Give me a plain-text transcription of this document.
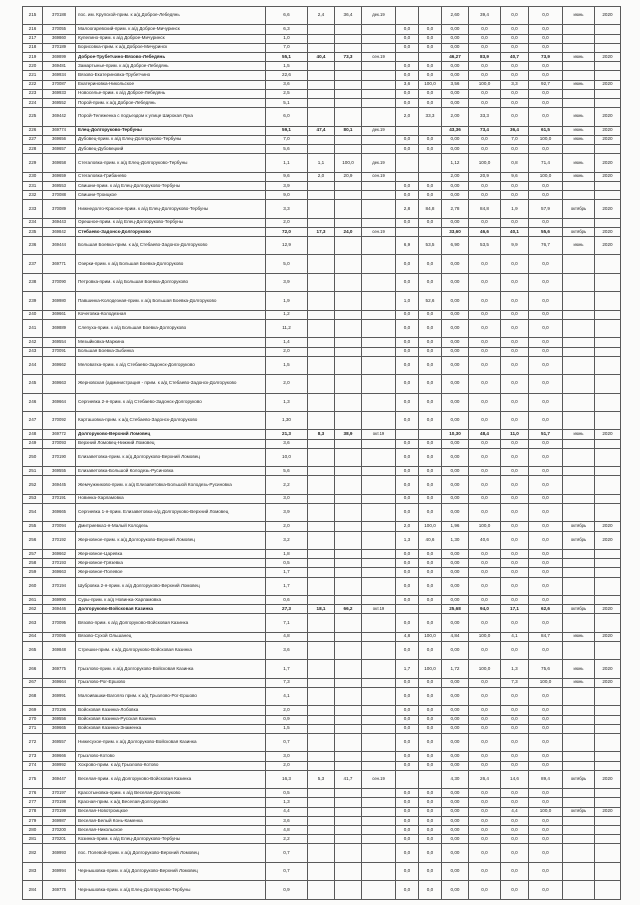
215	370188	пос. им. Крупской-прим. к а/д Доброе-Лебедянь	6,6	2,4	36,4	дек.19			2,60	39,4	0,0	0,0	июнь	2020
216	370055	Малоогаревский-прим. к а/д Доброе-Мичуринск	6,3				0,0	0,0	0,00	0,0	0,0	0,0		
217	369860	Купелино-прим. к а/д Доброе-Мичуринск	1,0				0,0	0,0	0,00	0,0	0,0	0,0		
218	370189	Борисовка-прим. к а/д Доброе-Мичуринск	7,0				0,0	0,0	0,00	0,0	0,0	0,0		
219	369899	Доброе-Трубетчино-Вязово-Лебедянь	55,1	40,4	73,3	сен.19			46,27	83,9	40,7	73,9	июнь	2020
220	369481	Замартынье-прим. к а/д Доброе-Лебедянь	1,5				0,0	0,0	0,00	0,0	0,0	0,0		
221	369934	Вязово-Екатериновка-Трубетчино	22,6				0,0	0,0	0,00	0,0	0,0	0,0		
222	370087	Екатериновка-Никольское	3,6				3,6	100,0	3,56	100,0	3,3	92,7	июнь	2020
223	369933	Новоселье-прим. к а/д Доброе-Лебедянь	2,5				0,0	0,0	0,00	0,0	0,0	0,0		
224	369552	Порой-прим. к а/д Доброе-Лебедянь	5,1				0,0	0,0	0,00	0,0	0,0	0,0		
225	369442	Порой-Тележенка с подъездом к улице Широкая Лука	6,0				2,0	33,3	2,00	33,3	0,0	0,0	июнь	2020
226	369774	Елец-Долгоруково-Тербуны	59,1	47,4	80,1	дек.19			43,36	73,4	36,4	61,5	июнь	2020
227	369656	Дубовец-прим. к а/д Елец-Долгоруково-Тербуны	7,0				0,0	0,0	0,00	0,0	7,0	100,0	июнь	2020
228	369657	Дубовец-Дубовецкий	5,6				0,0	0,0	0,00	0,0	0,0	0,0		
229	369658	Стегаловка-прим. к а/д Елец-Долгоруково-Тербуны	1,1	1,1	100,0	дек.19			1,12	100,0	0,8	71,4	июнь	2020
230	369659	Стегаловка-Грибанево	9,6	2,0	20,9	сен.19			2,00	20,9	9,6	100,0	июнь	2020
231	369553	Свишни-прим. к а/д Елец-Долгоруково-Тербуны	3,9				0,0	0,0	0,00	0,0	0,0	0,0		
232	370088	Свишни-Троицкое	9,0				0,0	0,0	0,00	0,0	0,0	0,0		
233	370089	Нижнедолго-Красное-прим. к а/д Елец-Долгоруково-Тербуны	3,3				2,8	84,8	2,78	84,8	1,9	57,9	октябрь	2020
234	369443	Орешное-прим. к а/д Елец-Долгоруково-Тербуны	2,0				0,0	0,0	0,00	0,0	0,0	0,0		
235	369842	Стебаево-Задонск-Долгоруково	72,0	17,3	24,0	сен.19			33,60	46,6	40,1	55,6	октябрь	2020
236	369444	Большая Боевка-прим. к а/д Стебаево-Задонск-Долгоруково	12,9				6,9	53,5	6,90	53,5	9,9	76,7	июнь	2020
237	369771	Озерки-прим. к а/д Большая Боевка-Долгоруково	5,0				0,0	0,0	0,00	0,0	0,0	0,0		
238	370090	Петровка-прим. к а/д Большая Боевка-Долгоруково	3,9				0,0	0,0	0,00	0,0	0,0	0,0		
239	369980	Павшинка-Колодезная-прим. к а/д Большая Боевка-Долгоруково	1,9				1,0	52,6	0,00	0,0	0,0	0,0		
240	369661	Кочеговка-Колодезная	1,2				0,0	0,0	0,00	0,0	0,0	0,0		
241	369889	Слепуха-прим. к а/д Большая Боевка-Долгоруково	11,2				0,0	0,0	0,00	0,0	0,0	0,0		
242	369554	Мезыйковка-Маркина	1,4				0,0	0,0	0,00	0,0	0,0	0,0		
243	370091	Большая Боевка-Зыбинка	2,0				0,0	0,0	0,00	0,0	0,0	0,0		
244	369662	Меловатка-прим. к а/д Стебаево-Задонск-Долгоруково	1,5				0,0	0,0	0,00	0,0	0,0	0,0		
245	369663	Жерновская (администрация - прим. к а/д Стебаево-Задонск-Долгоруково	2,0				0,0	0,0	0,00	0,0	0,0	0,0		
246	369664	Сергиевка 2-я-прим. к а/д Стебаево-Задонск-Долгоруково	1,3				0,0	0,0	0,00	0,0	0,0	0,0		
247	370092	Карташовка-прим. к а/д Стебаево-Задонск-Долгоруково	1,30				0,0	0,0	0,00	0,0	0,0	0,0		
248	369772	Долгоруково-Верхний Ломовец	21,3	8,3	38,9	окт.19			10,30	48,4	11,0	51,7	июнь	2020
249	370093	Верхний Ломовец-Нижний Ломовец	3,6				0,0	0,0	0,00	0,0	0,0	0,0		
250	370190	Елизаветовка-прим. к а/д Долгоруково-Верхний Ломовец	10,0				0,0	0,0	0,00	0,0	0,0	0,0		
251	369555	Елизаветовка-Большой Колодезь-Русиновка	5,6				0,0	0,0	0,00	0,0	0,0	0,0		
252	369445	Жемчужниково-прим. к а/д Елизаветовка-Большой Колодезь-Русиновка	2,2				0,0	0,0	0,00	0,0	0,0	0,0		
253	370191	Новинка-Харламовка	3,0				0,0	0,0	0,00	0,0	0,0	0,0		
254	369665	Сергиевка 1-я-прим. Елизаветовка-а/д Долгоруково-Верхний Ломовец	3,9				0,0	0,0	0,00	0,0	0,0	0,0		
255	370094	Дмитриевка1-я-Малый Колодезь	2,0				2,0	100,0	1,96	100,0	0,0	0,0	октябрь	2020
256	370192	Жерновное-прим. к а/д Долгоруково-Верхний Ломовец	3,2				1,3	40,6	1,30	40,6	0,0	0,0	октябрь	2020
257	369662	Жерновное-Царевка	1,8				0,0	0,0	0,00	0,0	0,0	0,0		
258	370193	Жерновное-Грязевка	0,5				0,0	0,0	0,00	0,0	0,0	0,0		
259	369663	Жерновное-Полевое	1,7				0,0	0,0	0,00	0,0	0,0	0,0		
260	370194	Шубровка 2-я-прим. к а/д Долгоруково-Верхний Ломовец	1,7				0,0	0,0	0,00	0,0	0,0	0,0		
261	369990	Суры-прим. к а/д Новинка-Харламовка	0,6				0,0	0,0	0,00	0,0	0,0	0,0		
262	369446	Долгоруково-Войсковая Казинка	27,3	18,1	66,2	окт.19			25,68	94,0	17,1	62,6	октябрь	2020
263	370095	Вязово-прим. к а/д Долгоруково-Войсковая Казинка	7,1				0,0	0,0	0,00	0,0	0,0	0,0		
264	370095	Вязово-Сухой Ольшанец	4,8				4,8	100,0	4,84	100,0	4,1	84,7	июнь	2020
265	369848	Стрешки-прим. к а/д Долгоруково-Войсковая Казинка	3,6				0,0	0,0	0,00	0,0	0,0	0,0		
266	369775	Грызлово-прим. к а/д Долгоруково-Войсковая Казинка	1,7				1,7	100,0	1,72	100,0	1,3	75,6	июнь	2020
267	369664	Грызлово-Рог-Ершово	7,3				0,0	0,0	0,00	0,0	7,3	100,0	июнь	2020
268	369991	Малоивашки-Ваголяз прим. к а/д Грызлово-Рог-Ершово	4,1				0,0	0,0	0,00	0,0	0,0	0,0		
269	370196	Войсковая Казинка-Лобовка	2,0				0,0	0,0	0,00	0,0	0,0	0,0		
270	369556	Войсковая Казинка-Русская Казинка	0,9				0,0	0,0	0,00	0,0	0,0	0,0		
271	369665	Войсковая Казинка-Знаменка	1,5				0,0	0,0	0,00	0,0	0,0	0,0		
272	369557	Нижесухое-прим. к а/д Долгоруково-Войсковая Казинка	0,7				0,0	0,0	0,00	0,0	0,0	0,0		
273	369666	Грызлово-Котово	3,0				0,0	0,0	0,00	0,0	0,0	0,0		
274	369992	Хохрово-прим. к а/д Грызлово-Котово	2,0				0,0	0,0	0,00	0,0	0,0	0,0		
275	369447	Веселая-прим. к а/д Долгоруково-Войсковая Казинка	16,3	5,3	41,7	сен.19			4,30	26,4	14,6	89,4	октябрь	2020
276	370197	Красотыновка-прим. к а/д Веселая-Долгоруково	0,5				0,0	0,0	0,00	0,0	0,0	0,0		
277	370198	Красная-прим. к а/д Веселая-Долгоруково	1,3				0,0	0,0	0,00	0,0	0,0	0,0		
278	370199	Веселая-Новотроицкое	4,4				0,0	0,0	0,00	0,0	4,4	100,0	октябрь	2020
279	369987	Веселая-Белый Конь-Каменка	3,6				0,0	0,0	0,00	0,0	0,0	0,0		
280	370200	Веселая-Никольское	4,8				0,0	0,0	0,00	0,0	0,0	0,0		
281	370201	Козинка-прим. к а/д Елец-Долгоруково-Тербуны	2,2				0,0	0,0	0,00	0,0	0,0	0,0		
282	369993	пос. Полевой-прим. к а/д Долгоруково-Верхний Ломовец	0,7				0,0	0,0	0,00	0,0	0,0	0,0		
283	369994	Чернышовка-прим. к а/д Долгоруково-Верхний Ломовец	0,7				0,0	0,0	0,00	0,0	0,0	0,0		
284	369775	Чернышовка-прим. к а/д Елец-Долгоруково-Тербуны	0,9				0,0	0,0	0,00	0,0	0,0	0,0		
